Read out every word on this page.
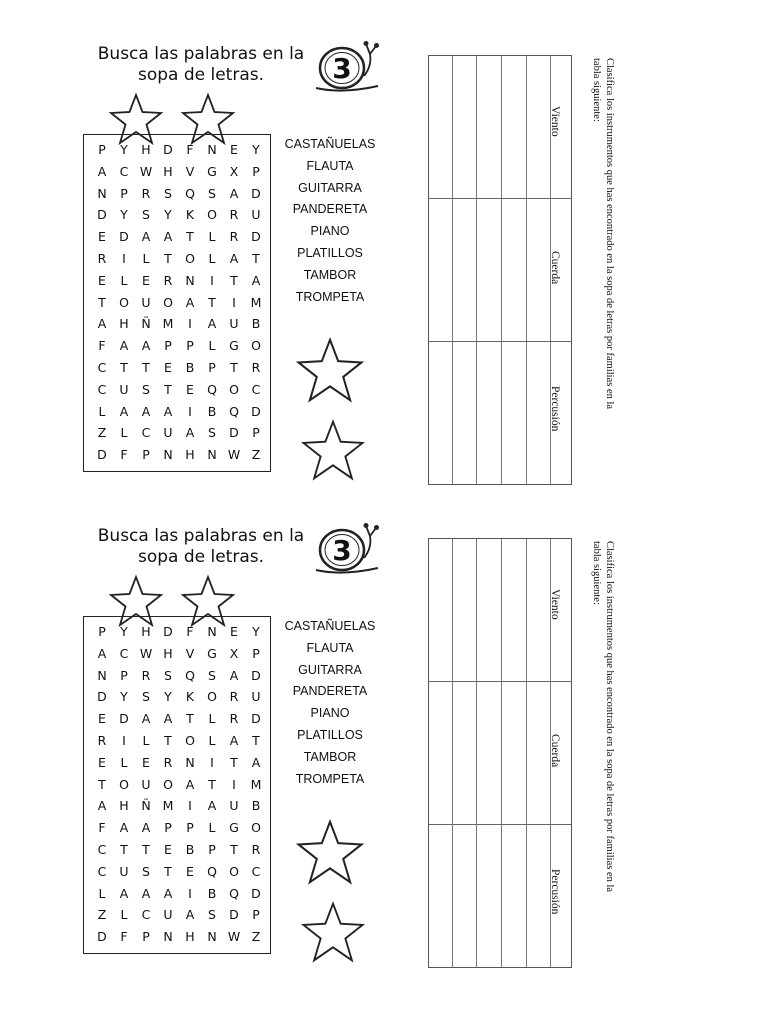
Busca las palabras en la
sopa de letras.	3
P	Y	H D	F	N	E	Y
A	C W H	V	G	X	P
N	P	R	S	Q	S	A	D
D	Y	S	Y	K	O	R	U
E	D	A	A	T	L	R	D
R	I	L	T	O	L	A	T
E	L	E	R	N	I	T	A
T	O	U	O	A	T	I	M
A	H	Ñ M	I	A	U	B
F	A	A	P	P	L	G O
C	T	T	E	B	P	T	R
C	U	S	T	E	Q O	C
L	A	A	A	I	B	Q D
Z	L	C	U	A	S	D	P
D	F	P	N	H	N W Z
CASTAÑUELAS
FLAUTA
GUITARRA
PANDERETA
PIANO
PLATILLOS
TAMBOR
TROMPETA
Busca las palabras en la
sopa de letras.	3
P	Y	H D	F	N	E	Y
A	C W H	V	G	X	P
N	P	R	S	Q	S	A	D
D	Y	S	Y	K	O	R	U
E	D	A	A	T	L	R	D
R	I	L	T	O	L	A	T
E	L	E	R	N	I	T	A
T	O	U	O	A	T	I	M
A	H	Ñ M	I	A	U	B
F	A	A	P	P	L	G O
C	T	T	E	B	P	T	R
C	U	S	T	E	Q O	C
L	A	A	A	I	B	Q D
Z	L	C	U	A	S	D	P
D	F	P	N	H	N W Z
CASTAÑUELAS
FLAUTA
GUITARRA
PANDERETA
PIANO
PLATILLOS
TAMBOR
TROMPETA
Viento
Cuerda
Percusión	Clasifica los instrumentos que has encontrado en la sopa de letras por familias en la
tabla siguiente:
Viento
Cuerda
Percusión	Clasifica los instrumentos que has encontrado en la sopa de letras por familias en la
tabla siguiente:
